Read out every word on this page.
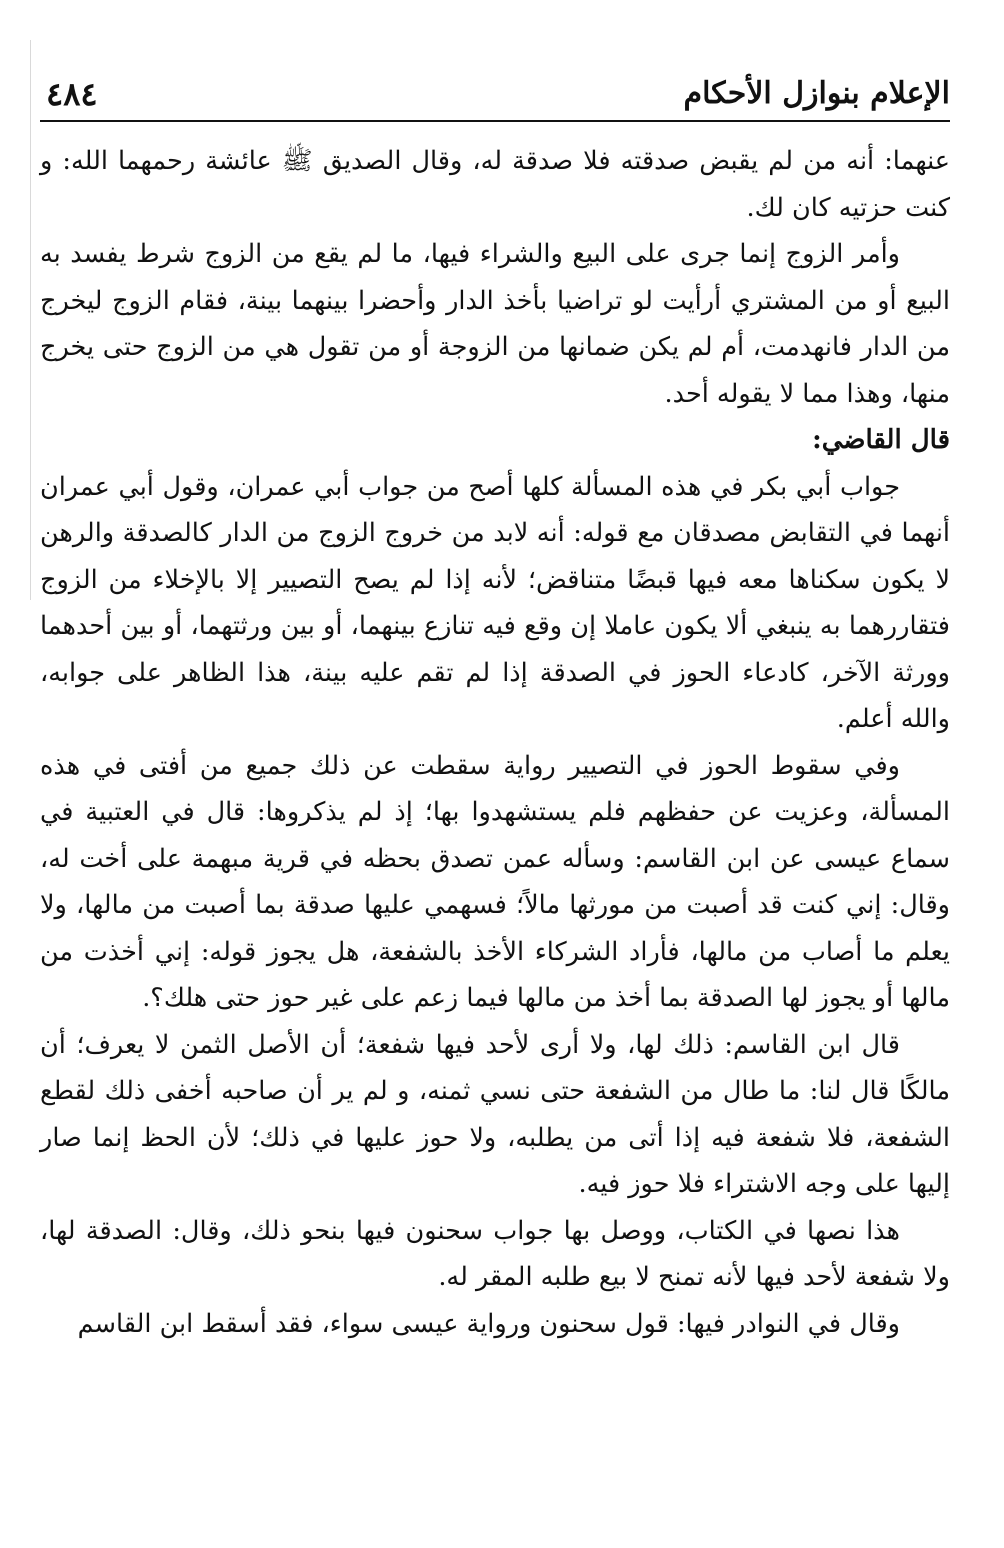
الإعلام بنوازل الأحكام
٤٨٤

عنهما: أنه من لم يقبض صدقته فلا صدقة له، وقال الصديق ﷺ عائشة رحمهما الله: و كنت حزتيه كان لك.

وأمر الزوج إنما جرى على البيع والشراء فيها، ما لم يقع من الزوج شرط يفسد به البيع أو من المشتري أرأيت لو تراضيا بأخذ الدار وأحضرا بينهما بينة، فقام الزوج ليخرج من الدار فانهدمت، أم لم يكن ضمانها من الزوجة أو من تقول هي من الزوج حتى يخرج منها، وهذا مما لا يقوله أحد.

قال القاضي:

جواب أبي بكر في هذه المسألة كلها أصح من جواب أبي عمران، وقول أبي عمران أنهما في التقابض مصدقان مع قوله: أنه لابد من خروج الزوج من الدار كالصدقة والرهن لا يكون سكناها معه فيها قبضًا متناقض؛ لأنه إذا لم يصح التصيير إلا بالإخلاء من الزوج فتقاررهما به ينبغي ألا يكون عاملا إن وقع فيه تنازع بينهما، أو بين ورثتهما، أو بين أحدهما وورثة الآخر، كادعاء الحوز في الصدقة إذا لم تقم عليه بينة، هذا الظاهر على جوابه، والله أعلم.

وفي سقوط الحوز في التصيير رواية سقطت عن ذلك جميع من أفتى في هذه المسألة، وعزيت عن حفظهم فلم يستشهدوا بها؛ إذ لم يذكروها: قال في العتبية في سماع عيسى عن ابن القاسم: وسأله عمن تصدق بحظه في قرية مبهمة على أخت له، وقال: إني كنت قد أصبت من مورثها مالاً؛ فسهمي عليها صدقة بما أصبت من مالها، ولا يعلم ما أصاب من مالها، فأراد الشركاء الأخذ بالشفعة، هل يجوز قوله: إني أخذت من مالها أو يجوز لها الصدقة بما أخذ من مالها فيما زعم على غير حوز حتى هلك؟.

قال ابن القاسم: ذلك لها، ولا أرى لأحد فيها شفعة؛ أن الأصل الثمن لا يعرف؛ أن مالكًا قال لنا: ما طال من الشفعة حتى نسي ثمنه، و لم ير أن صاحبه أخفى ذلك لقطع الشفعة، فلا شفعة فيه إذا أتى من يطلبه، ولا حوز عليها في ذلك؛ لأن الحظ إنما صار إليها على وجه الاشتراء فلا حوز فيه.

هذا نصها في الكتاب، ووصل بها جواب سحنون فيها بنحو ذلك، وقال: الصدقة لها، ولا شفعة لأحد فيها لأنه تمنح لا بيع طلبه المقر له.

وقال في النوادر فيها: قول سحنون ورواية عيسى سواء، فقد أسقط ابن القاسم
